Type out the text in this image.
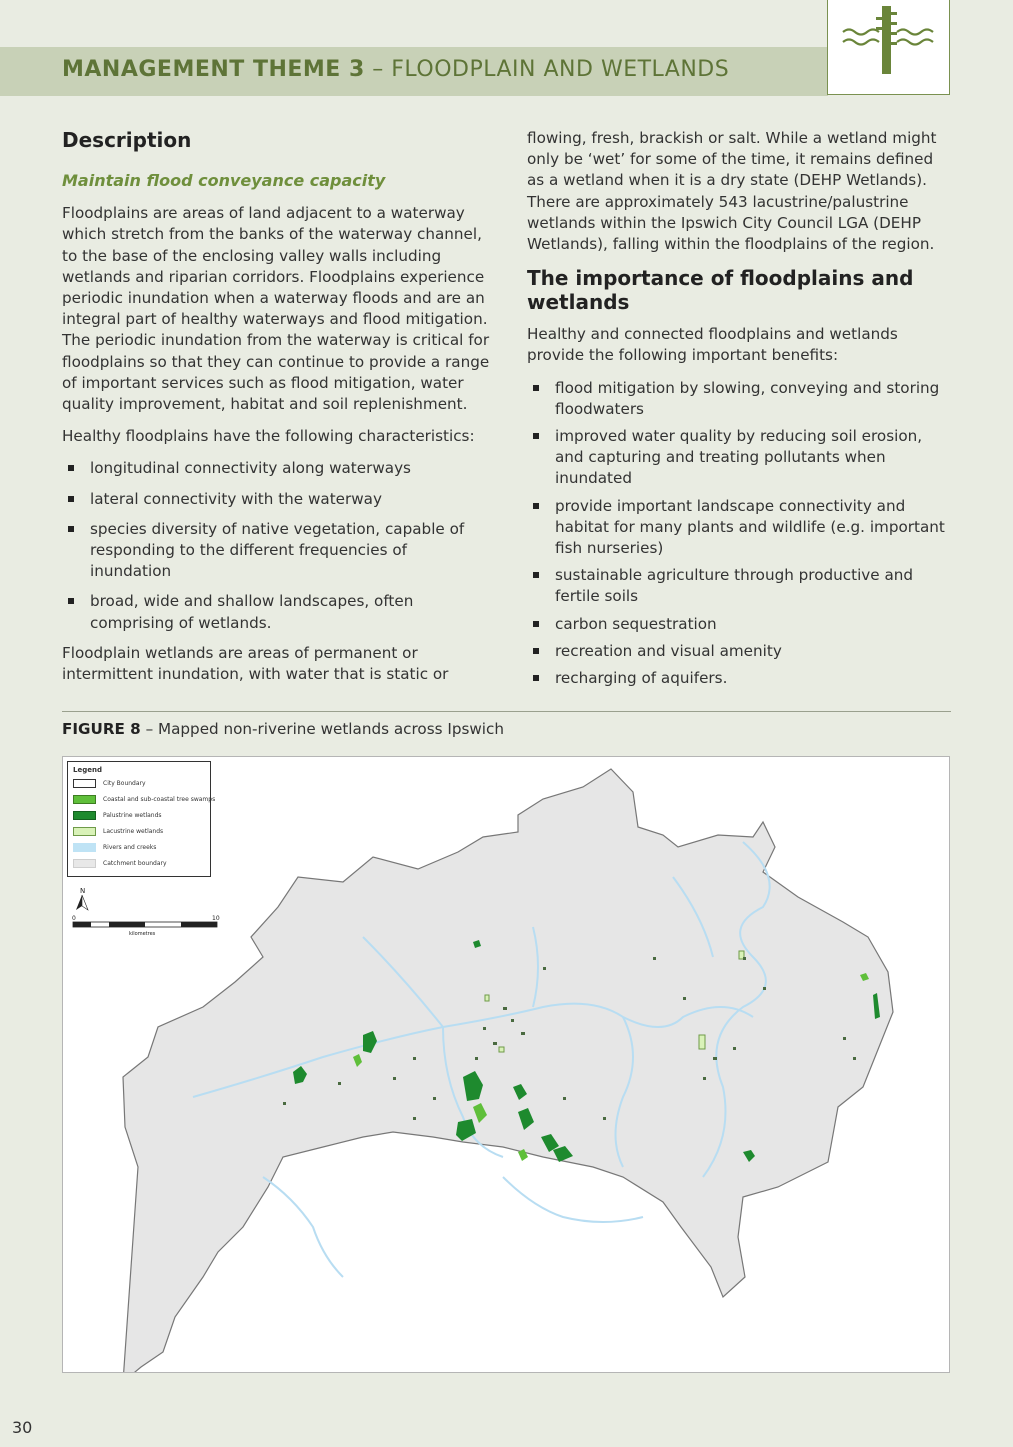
MANAGEMENT THEME 3 – FLOODPLAIN AND WETLANDS
Description
Maintain flood conveyance capacity

Floodplains are areas of land adjacent to a waterway which stretch from the banks of the waterway channel, to the base of the enclosing valley walls including wetlands and riparian corridors. Floodplains experience periodic inundation when a waterway floods and are an integral part of healthy waterways and flood mitigation. The periodic inundation from the waterway is critical for floodplains so that they can continue to provide a range of important services such as flood mitigation, water quality improvement, habitat and soil replenishment.

Healthy floodplains have the following characteristics:

longitudinal connectivity along waterways
lateral connectivity with the waterway
species diversity of native vegetation, capable of responding to the different frequencies of inundation
broad, wide and shallow landscapes, often comprising of wetlands.

Floodplain wetlands are areas of permanent or intermittent inundation, with water that is static or

flowing, fresh, brackish or salt. While a wetland might only be ‘wet’ for some of the time, it remains defined as a wetland when it is a dry state (DEHP Wetlands). There are approximately 543 lacustrine/palustrine wetlands within the Ipswich City Council LGA (DEHP Wetlands), falling within the floodplains of the region.

The importance of floodplains and wetlands

Healthy and connected floodplains and wetlands provide the following important benefits:

flood mitigation by slowing, conveying and storing floodwaters
improved water quality by reducing soil erosion, and capturing and treating pollutants when inundated
provide important landscape connectivity and habitat for many plants and wildlife (e.g. important fish nurseries)
sustainable agriculture through productive and fertile soils
carbon sequestration
recreation and visual amenity
recharging of aquifers.
FIGURE 8 – Mapped non-riverine wetlands across Ipswich
Legend
City Boundary
Coastal and sub-coastal tree swamps
Palustrine wetlands
Lacustrine wetlands
Rivers and creeks
Catchment boundary
N
0	10
kilometres
30
